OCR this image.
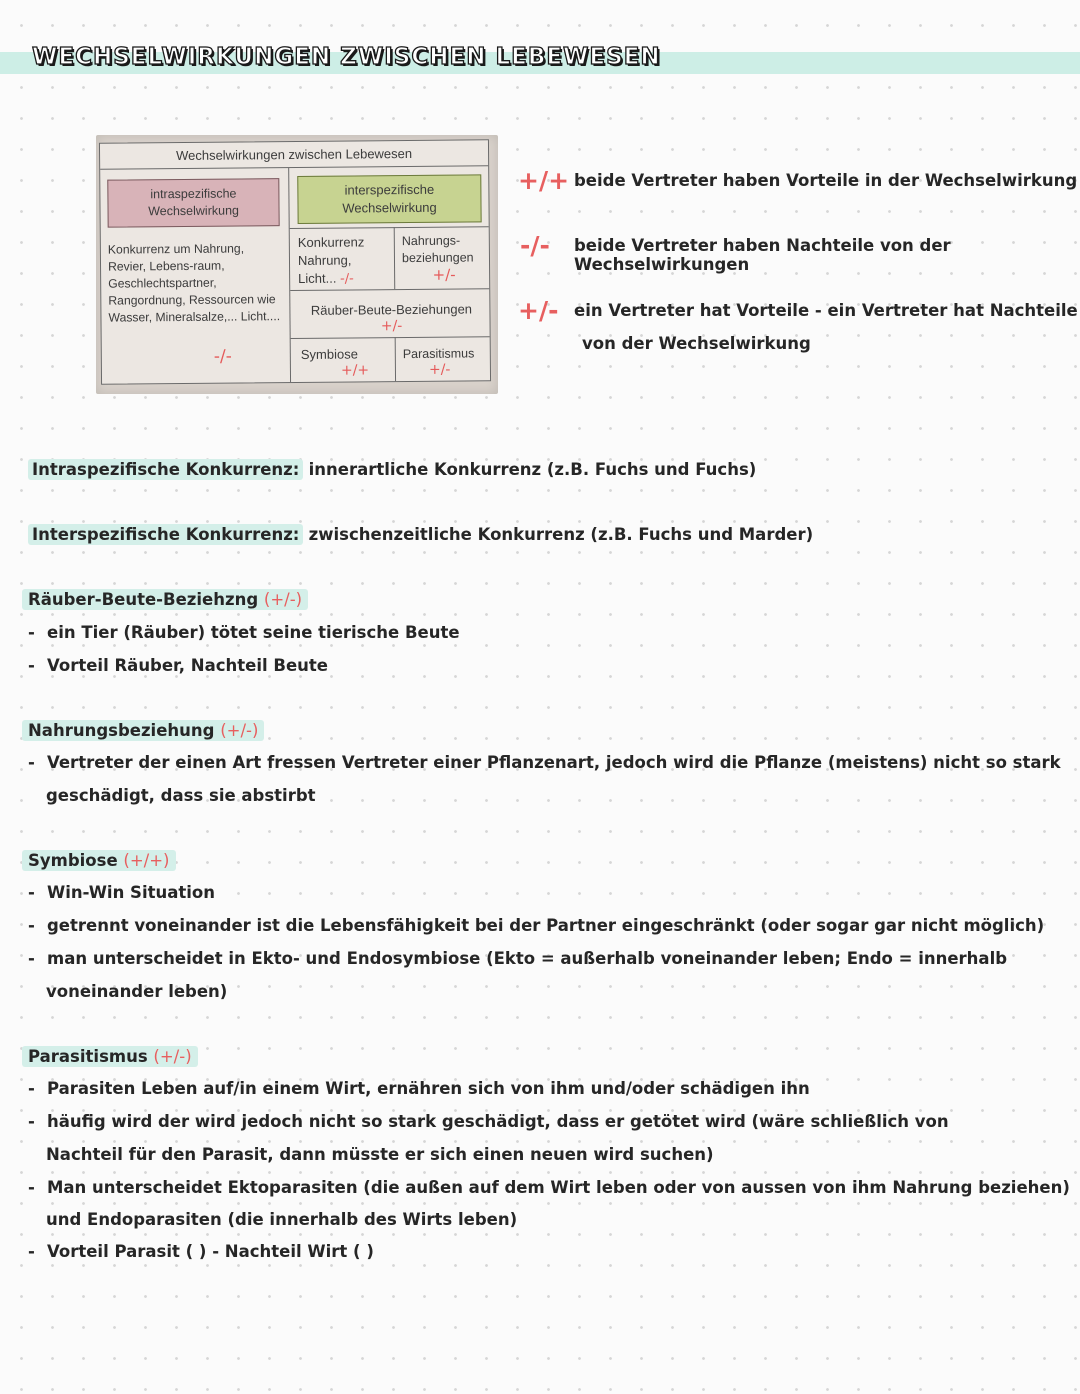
WECHSELWIRKUNGEN ZWISCHEN LEBEWESEN
Wechselwirkungen zwischen Lebewesen
intraspezifische Wechselwirkung
Konkurrenz um Nahrung, Revier, Lebens-raum, Geschlechtspartner, Rangordnung, Ressourcen wie Wasser, Mineralsalze,... Licht....
-/-
interspezifische Wechselwirkung
Konkurrenz Nahrung, Licht... -/-
Nahrungs-beziehungen
+/-
Räuber-Beute-Beziehungen
+/-
Symbiose
+/+
Parasitismus
+/-
+/+ beide Vertreter haben Vorteile in der Wechselwirkung
-/- beide Vertreter haben Nachteile von der Wechselwirkungen
+/- ein Vertreter hat Vorteile - ein Vertreter hat Nachteile
von der Wechselwirkung
Intraspezifische Konkurrenz: innerartliche Konkurrenz (z.B. Fuchs und Fuchs)
Interspezifische Konkurrenz: zwischenzeitliche Konkurrenz (z.B. Fuchs und Marder)
Räuber-Beute-Beziehzng (+/-)
- ein Tier (Räuber) tötet seine tierische Beute
- Vorteil Räuber, Nachteil Beute
Nahrungsbeziehung (+/-)
- Vertreter der einen Art fressen Vertreter einer Pflanzenart, jedoch wird die Pflanze (meistens) nicht so stark
geschädigt, dass sie abstirbt
Symbiose (+/+)
- Win-Win Situation
- getrennt voneinander ist die Lebensfähigkeit bei der Partner eingeschränkt (oder sogar gar nicht möglich)
- man unterscheidet in Ekto- und Endosymbiose (Ekto = außerhalb voneinander leben; Endo = innerhalb
voneinander leben)
Parasitismus (+/-)
- Parasiten Leben auf/in einem Wirt, ernähren sich von ihm und/oder schädigen ihn
- häufig wird der wird jedoch nicht so stark geschädigt, dass er getötet wird (wäre schließlich von
Nachteil für den Parasit, dann müsste er sich einen neuen wird suchen)
- Man unterscheidet Ektoparasiten (die außen auf dem Wirt leben oder von aussen von ihm Nahrung beziehen)
und Endoparasiten (die innerhalb des Wirts leben)
- Vorteil Parasit ( ) - Nachteil Wirt ( )
